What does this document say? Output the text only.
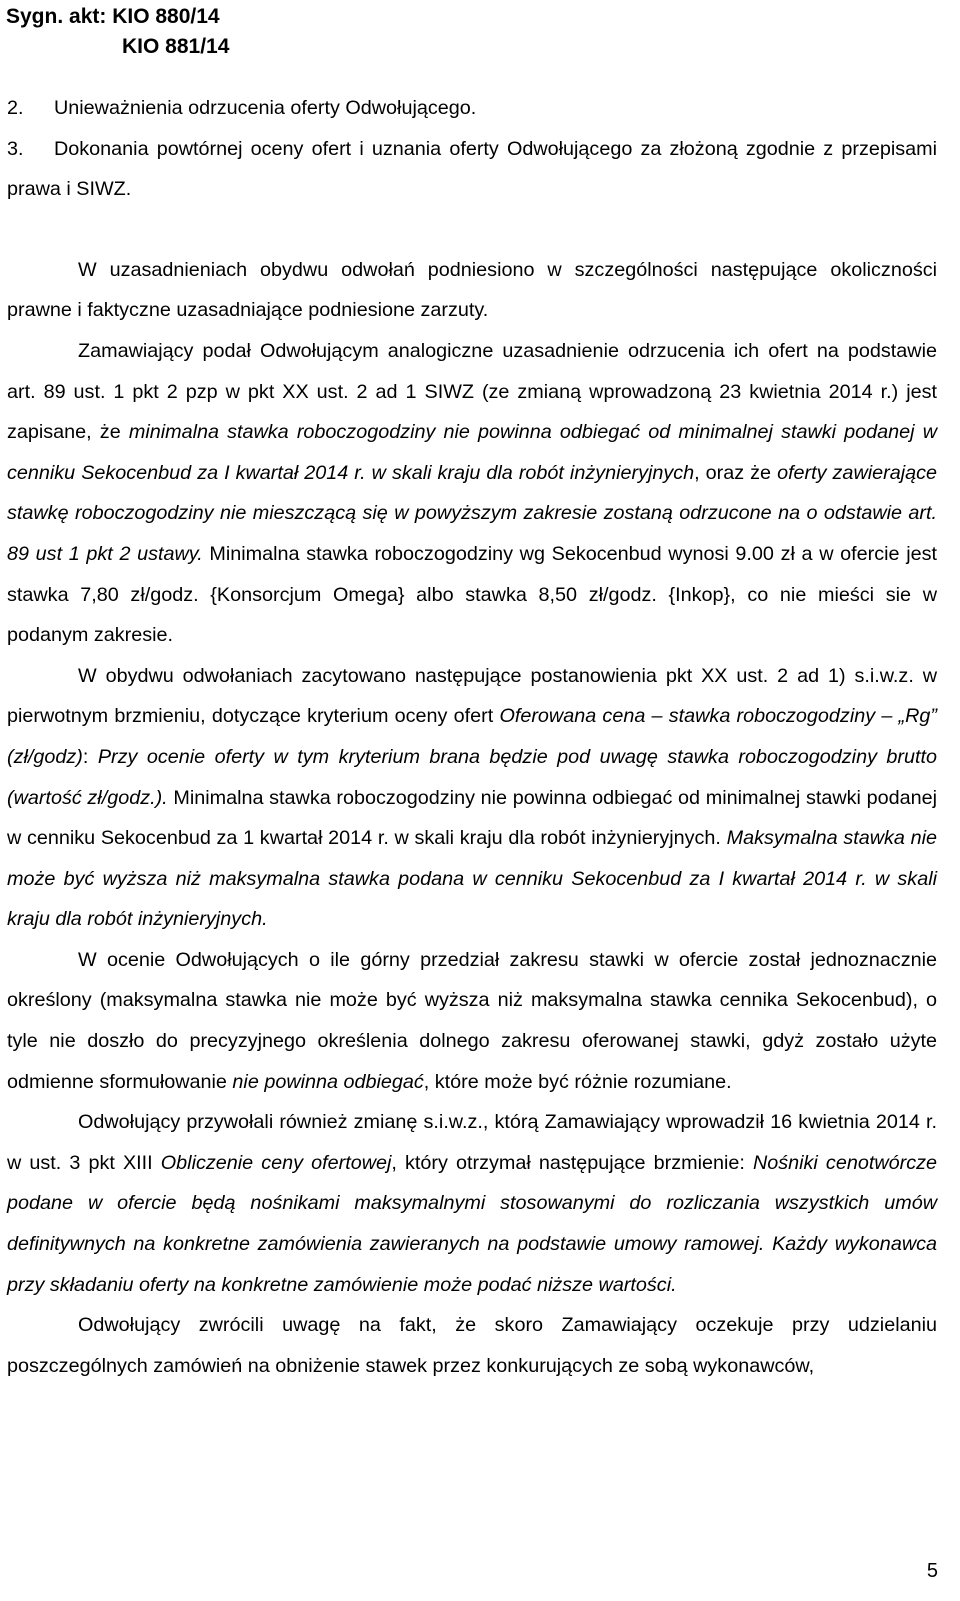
Sygn. akt: KIO 880/14
KIO 881/14

2. Unieważnienia odrzucenia oferty Odwołującego.

3. Dokonania powtórnej oceny ofert i uznania oferty Odwołującego za złożoną zgodnie z przepisami prawa i SIWZ.

W uzasadnieniach obydwu odwołań podniesiono w szczególności następujące okoliczności prawne i faktyczne uzasadniające podniesione zarzuty.

Zamawiający podał Odwołującym analogiczne uzasadnienie odrzucenia ich ofert na podstawie art. 89 ust. 1 pkt 2 pzp w pkt XX ust. 2 ad 1 SIWZ (ze zmianą wprowadzoną 23 kwietnia 2014 r.) jest zapisane, że minimalna stawka roboczogodziny nie powinna odbiegać od minimalnej stawki podanej w cenniku Sekocenbud za I kwartał 2014 r. w skali kraju dla robót inżynieryjnych, oraz że oferty zawierające stawkę roboczogodziny nie mieszczącą się w powyższym zakresie zostaną odrzucone na o odstawie art. 89 ust 1 pkt 2 ustawy. Minimalna stawka roboczogodziny wg Sekocenbud wynosi 9.00 zł a w ofercie jest stawka 7,80 zł/godz. {Konsorcjum Omega} albo stawka 8,50 zł/godz. {Inkop}, co nie mieści sie w podanym zakresie.

W obydwu odwołaniach zacytowano następujące postanowienia pkt XX ust. 2 ad 1) s.i.w.z. w pierwotnym brzmieniu, dotyczące kryterium oceny ofert Oferowana cena – stawka roboczogodziny – „Rg” (zł/godz): Przy ocenie oferty w tym kryterium brana będzie pod uwagę stawka roboczogodziny brutto (wartość zł/godz.). Minimalna stawka roboczogodziny nie powinna odbiegać od minimalnej stawki podanej w cenniku Sekocenbud za 1 kwartał 2014 r. w skali kraju dla robót inżynieryjnych. Maksymalna stawka nie może być wyższa niż maksymalna stawka podana w cenniku Sekocenbud za I kwartał 2014 r. w skali kraju dla robót inżynieryjnych.

W ocenie Odwołujących o ile górny przedział zakresu stawki w ofercie został jednoznacznie określony (maksymalna stawka nie może być wyższa niż maksymalna stawka cennika Sekocenbud), o tyle nie doszło do precyzyjnego określenia dolnego zakresu oferowanej stawki, gdyż zostało użyte odmienne sformułowanie nie powinna odbiegać, które może być różnie rozumiane.

Odwołujący przywołali również zmianę s.i.w.z., którą Zamawiający wprowadził 16 kwietnia 2014 r. w ust. 3 pkt XIII Obliczenie ceny ofertowej, który otrzymał następujące brzmienie: Nośniki cenotwórcze podane w ofercie będą nośnikami maksymalnymi stosowanymi do rozliczania wszystkich umów definitywnych na konkretne zamówienia zawieranych na podstawie umowy ramowej. Każdy wykonawca przy składaniu oferty na konkretne zamówienie może podać niższe wartości.

Odwołujący zwrócili uwagę na fakt, że skoro Zamawiający oczekuje przy udzielaniu poszczególnych zamówień na obniżenie stawek przez konkurujących ze sobą wykonawców,

5
